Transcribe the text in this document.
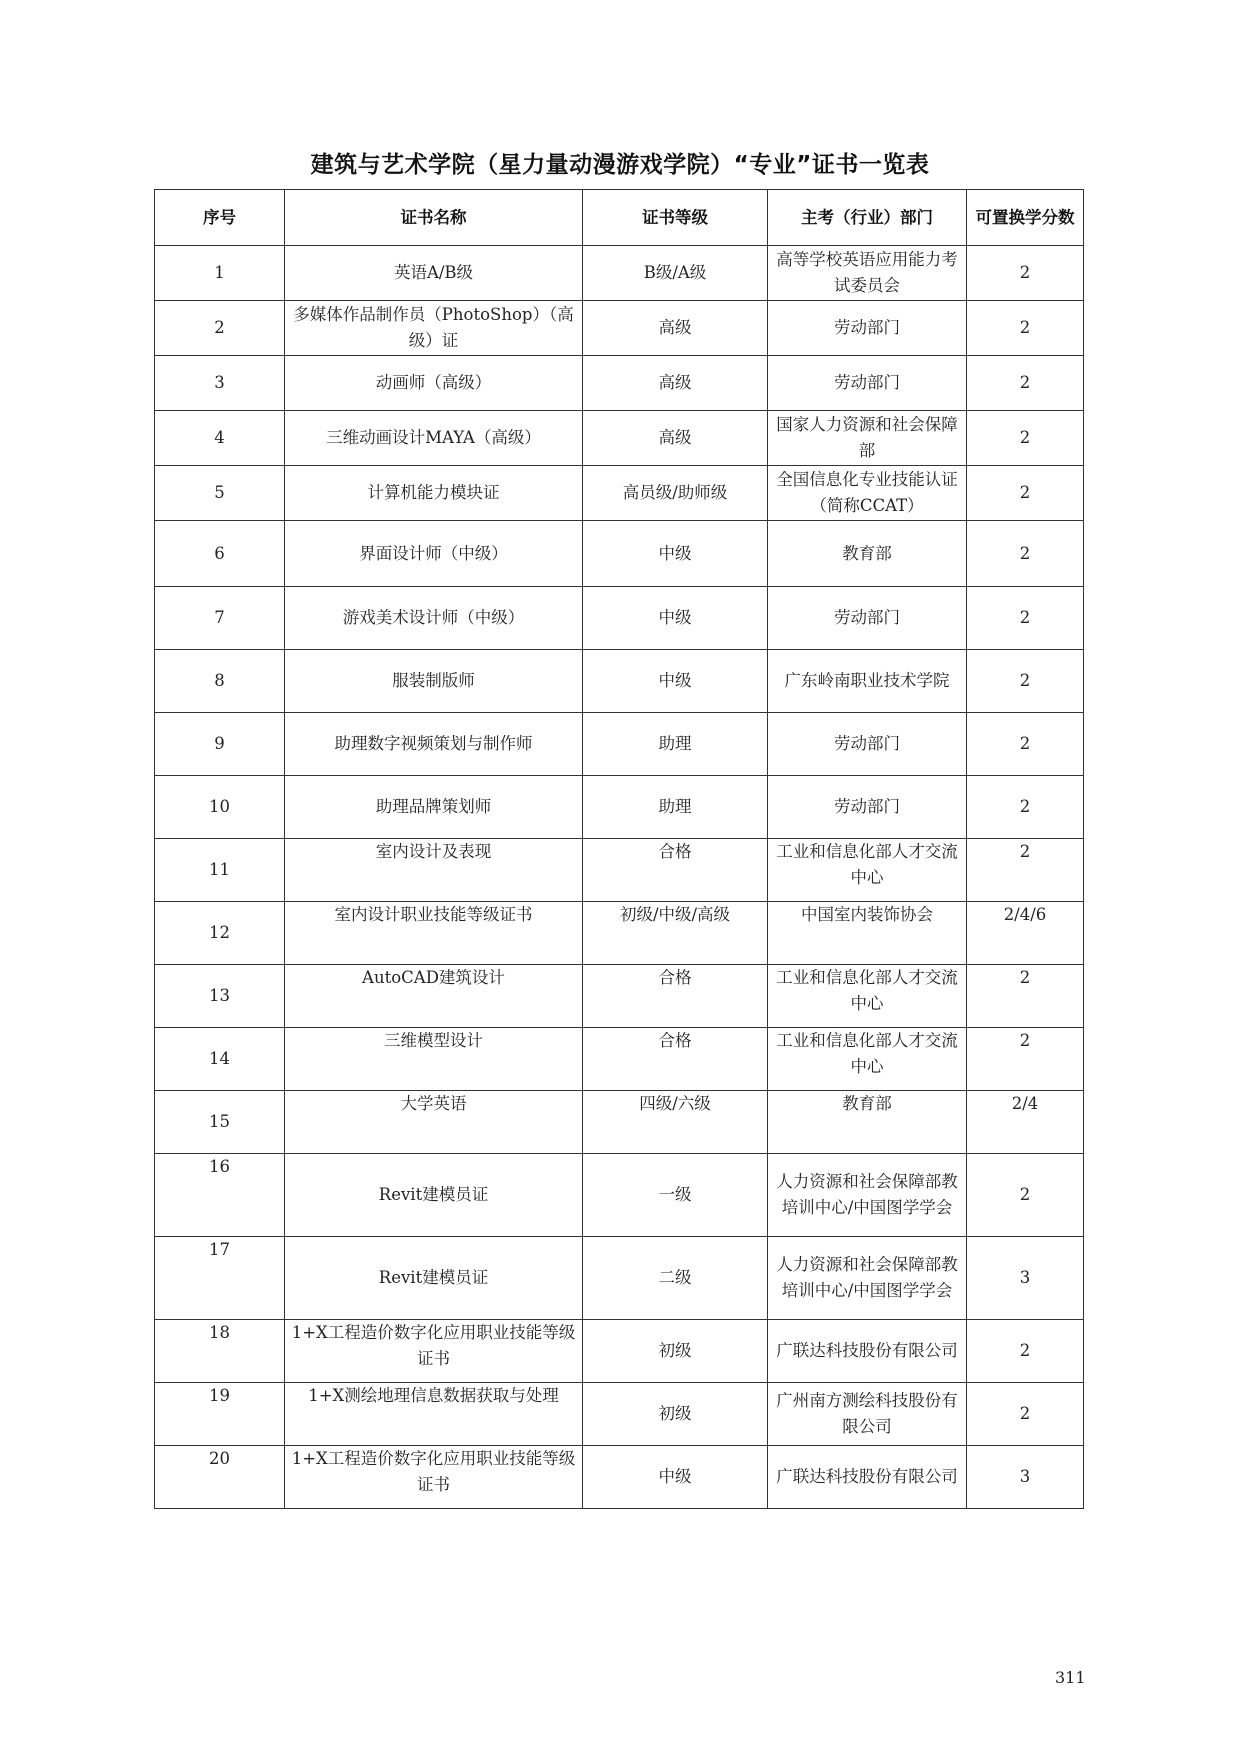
建筑与艺术学院（星力量动漫游戏学院）“专业”证书一览表
序号	证书名称	证书等级	主考（行业）部门	可置换学分数
1	英语A/B级	B级/A级	高等学校英语应用能力考试委员会	2
2	多媒体作品制作员（PhotoShop）（高级）证	高级	劳动部门	2
3	动画师（高级）	高级	劳动部门	2
4	三维动画设计MAYA（高级）	高级	国家人力资源和社会保障部	2
5	计算机能力模块证	高员级/助师级	全国信息化专业技能认证（简称CCAT）	2
6	界面设计师（中级）	中级	教育部	2
7	游戏美术设计师（中级）	中级	劳动部门	2
8	服装制版师	中级	广东岭南职业技术学院	2
9	助理数字视频策划与制作师	助理	劳动部门	2
10	助理品牌策划师	助理	劳动部门	2
11	室内设计及表现	合格	工业和信息化部人才交流中心	2
12	室内设计职业技能等级证书	初级/中级/高级	中国室内装饰协会	2/4/6
13	AutoCAD建筑设计	合格	工业和信息化部人才交流中心	2
14	三维模型设计	合格	工业和信息化部人才交流中心	2
15	大学英语	四级/六级	教育部	2/4
16	Revit建模员证	一级	人力资源和社会保障部教培训中心/中国图学学会	2
17	Revit建模员证	二级	人力资源和社会保障部教培训中心/中国图学学会	3
18	1+X工程造价数字化应用职业技能等级证书	初级	广联达科技股份有限公司	2
19	1+X测绘地理信息数据获取与处理	初级	广州南方测绘科技股份有限公司	2
20	1+X工程造价数字化应用职业技能等级证书	中级	广联达科技股份有限公司	3
311
